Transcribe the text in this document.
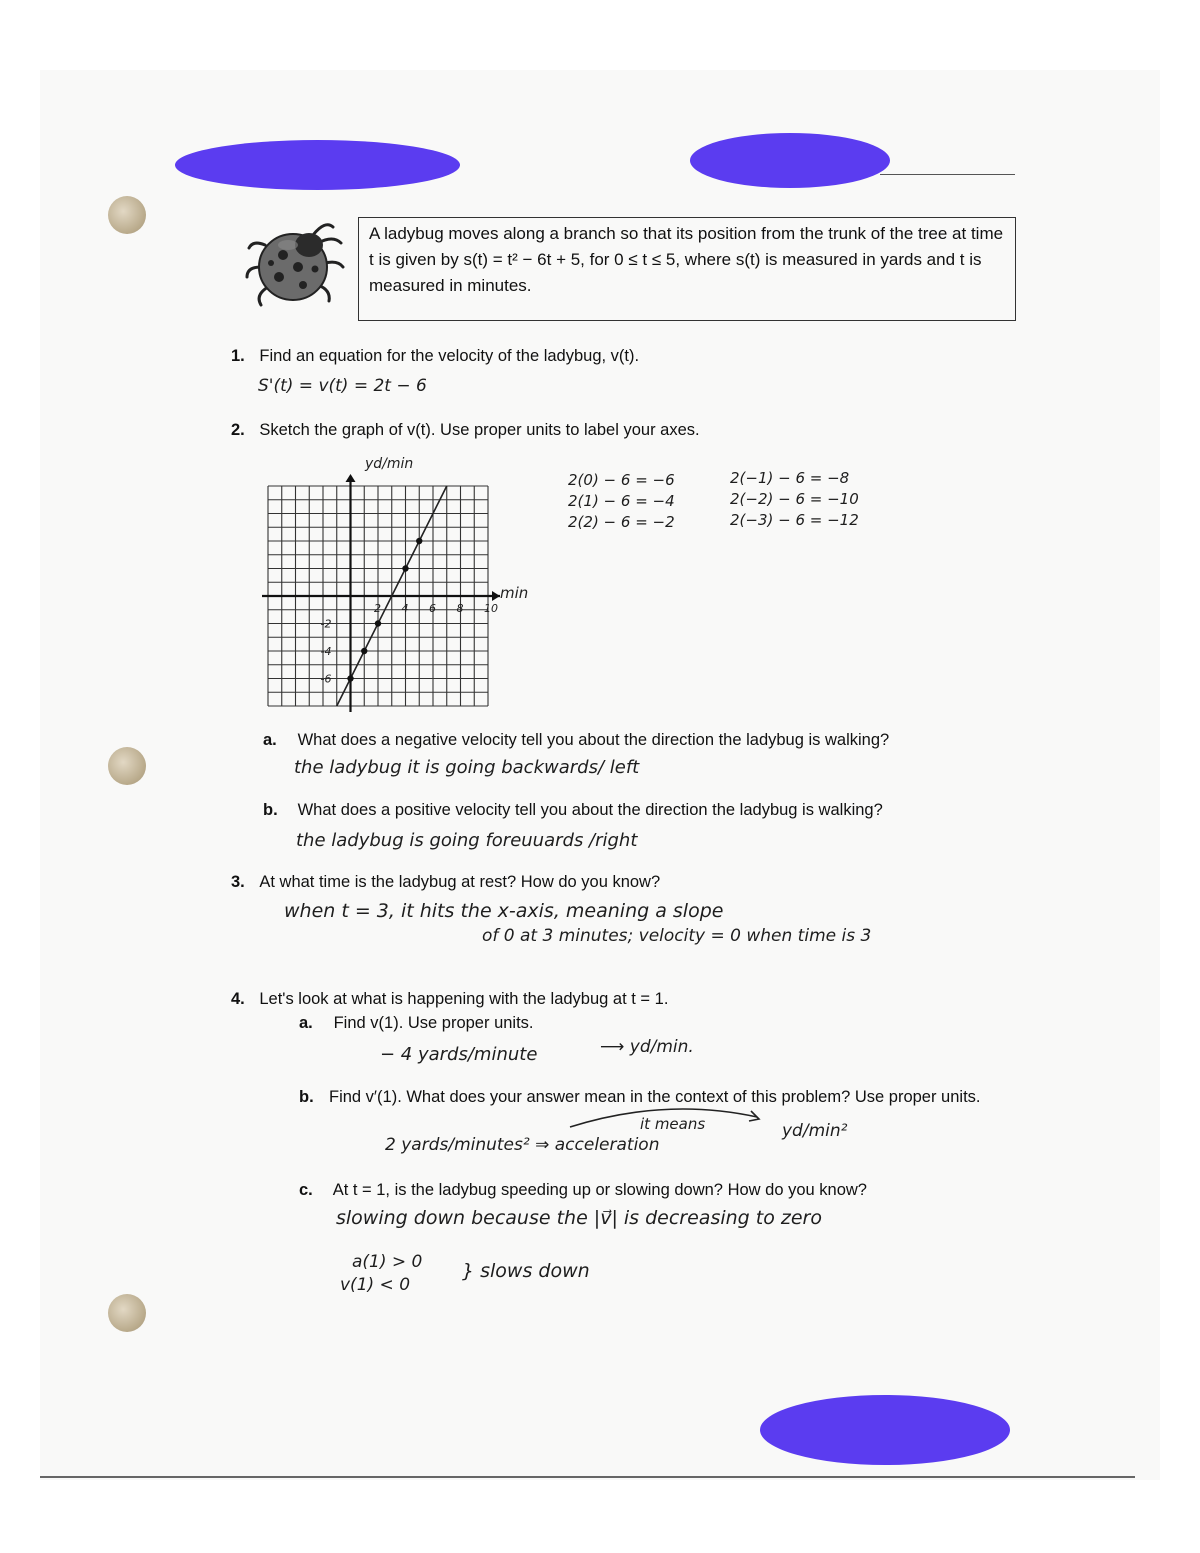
A ladybug moves along a branch so that its position from the trunk of the tree at time t is given by s(t) = t² − 6t + 5, for 0 ≤ t ≤ 5, where s(t) is measured in yards and t is measured in minutes.
1. Find an equation for the velocity of the ladybug, v(t).
S'(t) = v(t) = 2t − 6
2. Sketch the graph of v(t). Use proper units to label your axes.
2 4 6 8 10
-2
-4
-6
yd/min
min
2(0) − 6 = −6
2(1) − 6 = −4
2(2) − 6 = −2
2(−1) − 6 = −8
2(−2) − 6 = −10
2(−3) − 6 = −12
a. What does a negative velocity tell you about the direction the ladybug is walking?
the ladybug it is going backwards/ left
b. What does a positive velocity tell you about the direction the ladybug is walking?
the ladybug is going foreuuards /right
3. At what time is the ladybug at rest? How do you know?
when t = 3, it hits the x-axis, meaning a slope
of 0 at 3 minutes; velocity = 0 when time is 3
4. Let's look at what is happening with the ladybug at t = 1.
a. Find v(1). Use proper units.
− 4 yards/minute	⟶ yd/min.
b. Find v′(1). What does your answer mean in the context of this problem? Use proper units.
it means
2 yards/minutes² ⇒ acceleration
yd/min²
c. At t = 1, is the ladybug speeding up or slowing down? How do you know?
slowing down because the |v⃗| is decreasing to zero
a(1) > 0
v(1) < 0
} slows down
